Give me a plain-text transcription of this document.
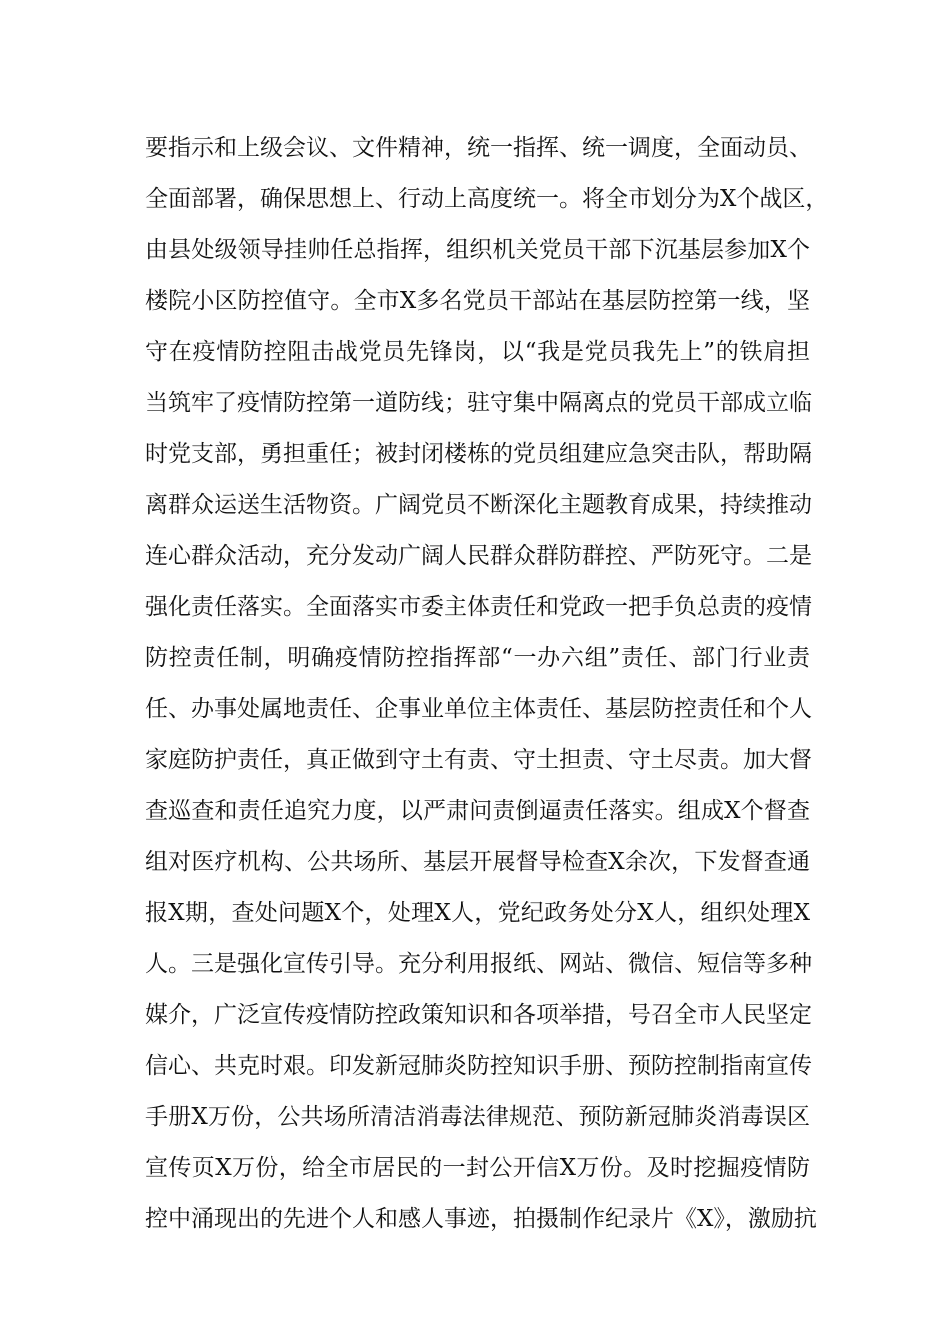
要指示和上级会议、文件精神，统一指挥、统一调度，全面动员、
全面部署，确保思想上、行动上高度统一。将全市划分为X个战区，
由县处级领导挂帅任总指挥，组织机关党员干部下沉基层参加X个
楼院小区防控值守。全市X多名党员干部站在基层防控第一线，坚
守在疫情防控阻击战党员先锋岗，以“我是党员我先上”的铁肩担
当筑牢了疫情防控第一道防线；驻守集中隔离点的党员干部成立临
时党支部，勇担重任；被封闭楼栋的党员组建应急突击队，帮助隔
离群众运送生活物资。广阔党员不断深化主题教育成果，持续推动
连心群众活动，充分发动广阔人民群众群防群控、严防死守。二是
强化责任落实。全面落实市委主体责任和党政一把手负总责的疫情
防控责任制，明确疫情防控指挥部“一办六组”责任、部门行业责
任、办事处属地责任、企事业单位主体责任、基层防控责任和个人
家庭防护责任，真正做到守土有责、守土担责、守土尽责。加大督
查巡查和责任追究力度，以严肃问责倒逼责任落实。组成X个督查
组对医疗机构、公共场所、基层开展督导检查X余次，下发督查通
报X期，查处问题X个，处理X人，党纪政务处分X人，组织处理X
人。三是强化宣传引导。充分利用报纸、网站、微信、短信等多种
媒介，广泛宣传疫情防控政策知识和各项举措，号召全市人民坚定
信心、共克时艰。印发新冠肺炎防控知识手册、预防控制指南宣传
手册X万份，公共场所清洁消毒法律规范、预防新冠肺炎消毒误区
宣传页X万份，给全市居民的一封公开信X万份。及时挖掘疫情防
控中涌现出的先进个人和感人事迹，拍摄制作纪录片《X》，激励抗
